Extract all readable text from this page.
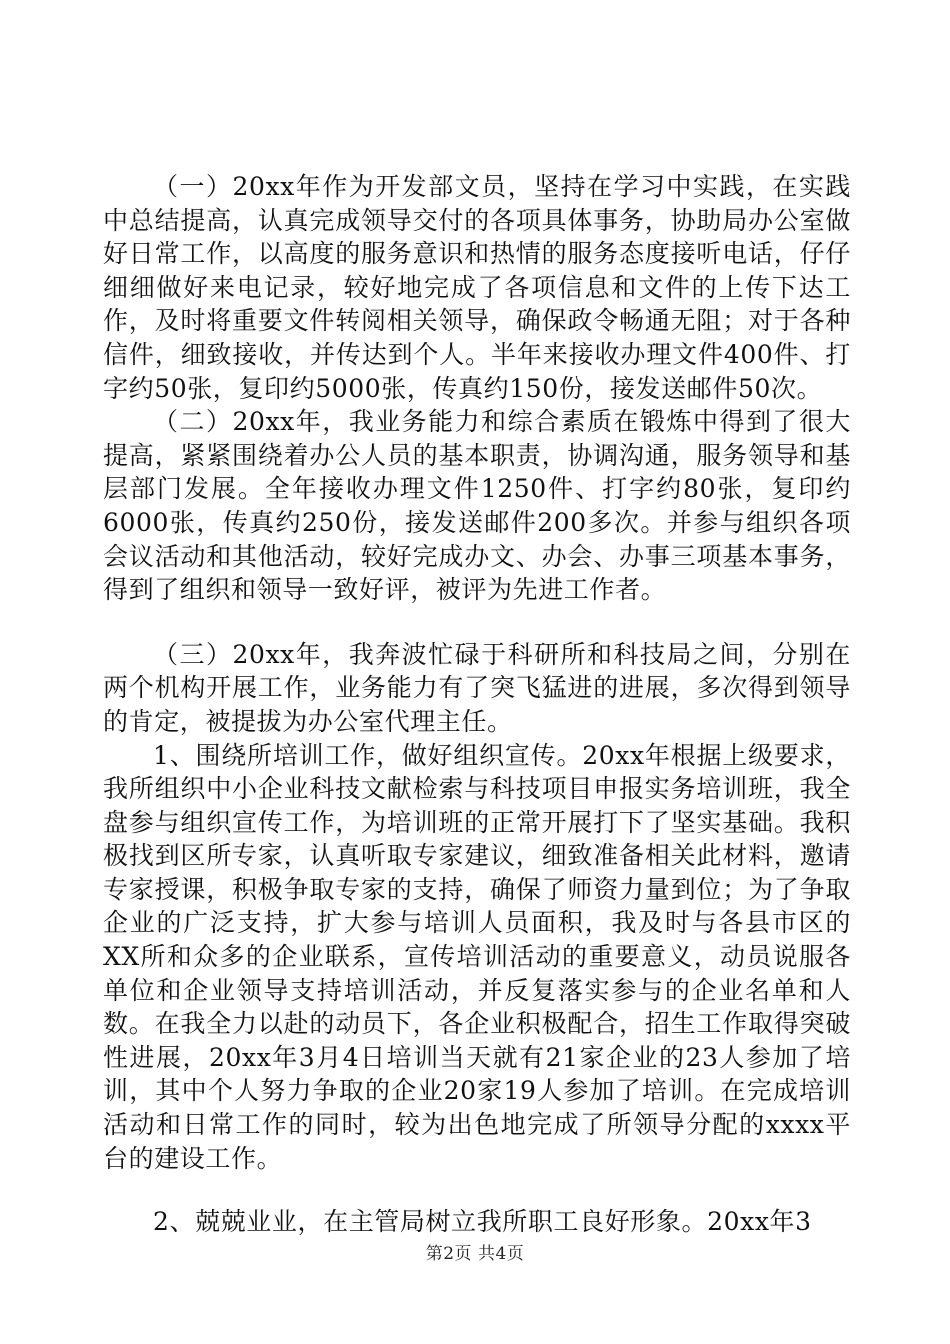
（一）20xx年作为开发部文员，坚持在学习中实践，在实践中总结提高，认真完成领导交付的各项具体事务，协助局办公室做好日常工作，以高度的服务意识和热情的服务态度接听电话，仔仔细细做好来电记录，较好地完成了各项信息和文件的上传下达工作，及时将重要文件转阅相关领导，确保政令畅通无阻；对于各种信件，细致接收，并传达到个人。半年来接收办理文件400件、打字约50张，复印约5000张，传真约150份，接发送邮件50次。

（二）20xx年，我业务能力和综合素质在锻炼中得到了很大提高，紧紧围绕着办公人员的基本职责，协调沟通，服务领导和基层部门发展。全年接收办理文件1250件、打字约80张，复印约6000张，传真约250份，接发送邮件200多次。并参与组织各项会议活动和其他活动，较好完成办文、办会、办事三项基本事务，得到了组织和领导一致好评，被评为先进工作者。

（三）20xx年，我奔波忙碌于科研所和科技局之间，分别在两个机构开展工作，业务能力有了突飞猛进的进展，多次得到领导的肯定，被提拔为办公室代理主任。

1、围绕所培训工作，做好组织宣传。20xx年根据上级要求，我所组织中小企业科技文献检索与科技项目申报实务培训班，我全盘参与组织宣传工作，为培训班的正常开展打下了坚实基础。我积极找到区所专家，认真听取专家建议，细致准备相关此材料，邀请专家授课，积极争取专家的支持，确保了师资力量到位；为了争取企业的广泛支持，扩大参与培训人员面积，我及时与各县市区的XX所和众多的企业联系，宣传培训活动的重要意义，动员说服各单位和企业领导支持培训活动，并反复落实参与的企业名单和人数。在我全力以赴的动员下，各企业积极配合，招生工作取得突破性进展，20xx年3月4日培训当天就有21家企业的23人参加了培训，其中个人努力争取的企业20家19人参加了培训。在完成培训活动和日常工作的同时，较为出色地完成了所领导分配的xxxx平台的建设工作。

2、兢兢业业，在主管局树立我所职工良好形象。20xx年3

第2页 共4页
